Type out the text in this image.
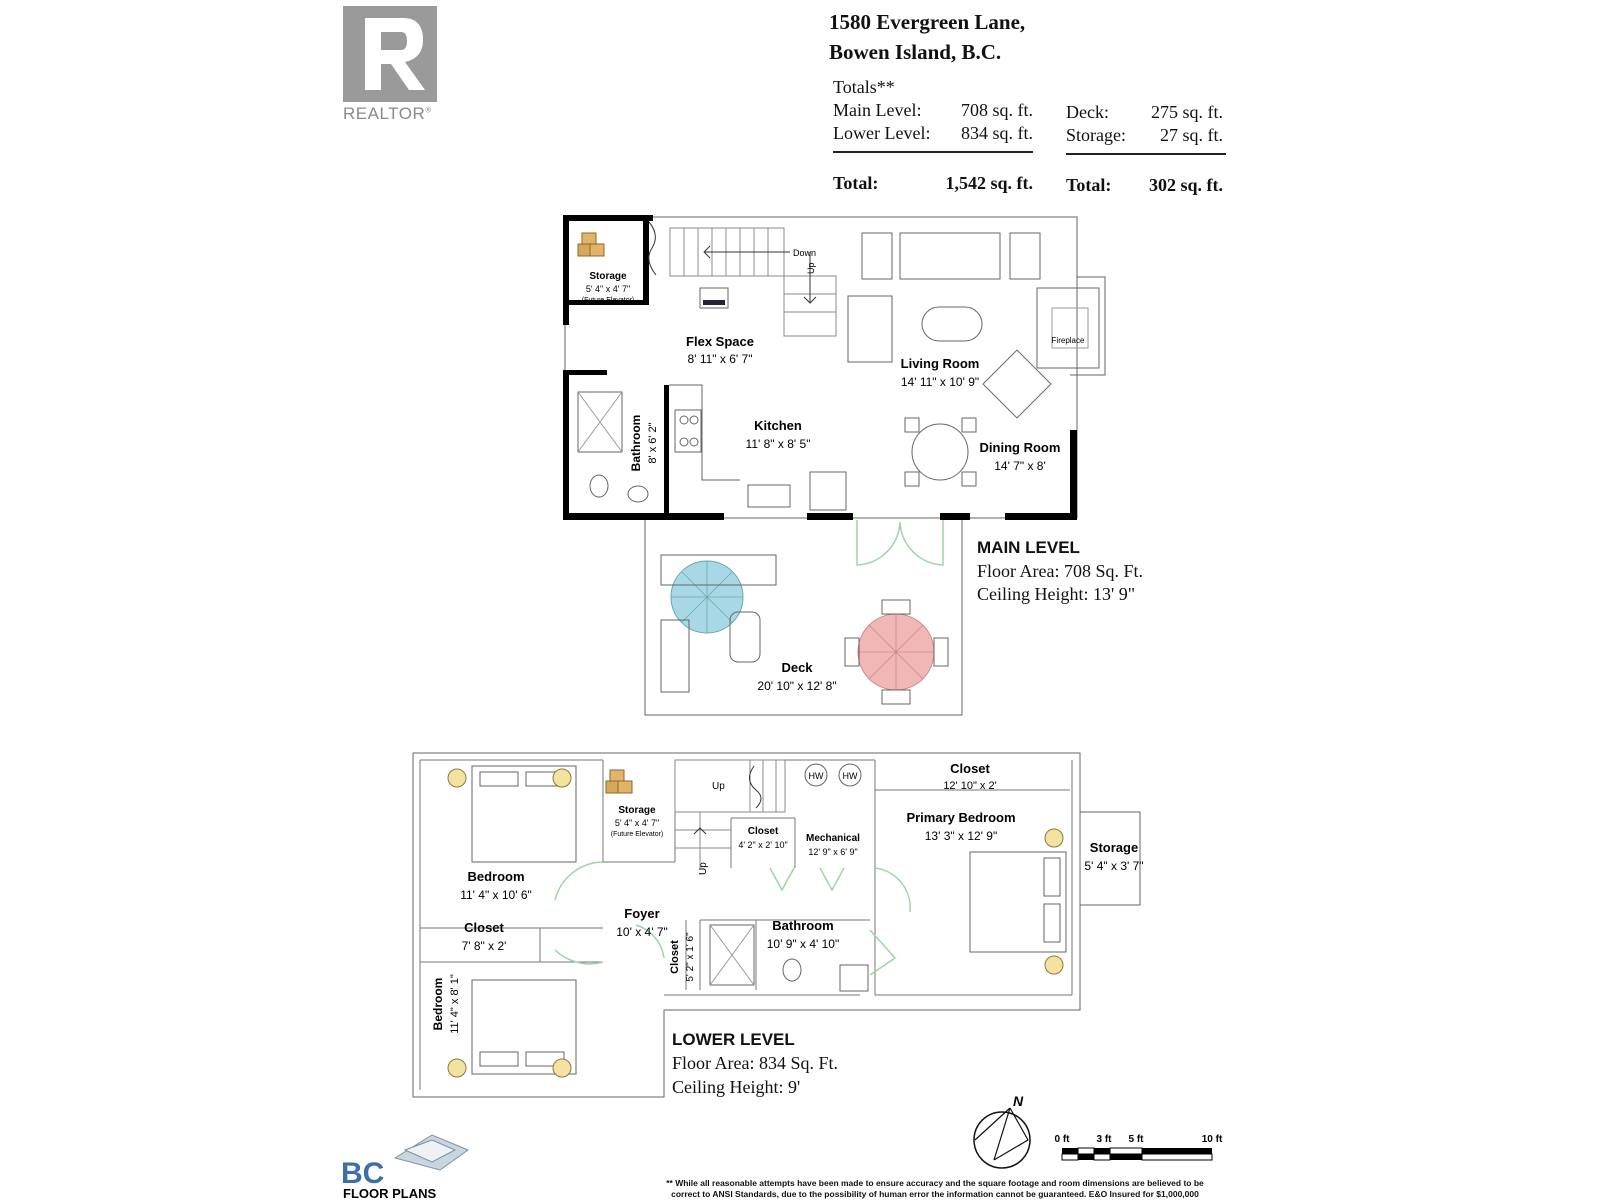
REALTOR®
1580 Evergreen Lane,
Bowen Island, B.C.
Totals**
Main Level:	708 sq. ft.
Lower Level:	834 sq. ft.
Total:	1,542 sq. ft.
Deck:	275 sq. ft.
Storage:	27 sq. ft.
Total:	302 sq. ft.
Storage
5' 4" x 4' 7"
(Future Elevator)
Down
Up
Flex Space
8' 11" x 6' 7"	Living Room
14' 11" x 10' 9"
Fireplace
Kitchen
11' 8" x 8' 5"
Bathroom 8' x 6' 2"	Dining Room
14' 7" x 8'
Deck
20' 10" x 12' 8"
Storage
5' 4" x 4' 7"
(Future Elevator)
Up
Up
HW HW
Closet
4' 2" x 2' 10"
Mechanical
12' 9" x 6' 9"
Closet
12' 10" x 2'
Primary Bedroom
13' 3" x 12' 9"
Storage
5' 4" x 3' 7"
Bedroom
11' 4" x 10' 6"
Closet
7' 8" x 2'
Bedroom 11' 4" x 8' 1"
Foyer
10' x 4' 7"	Bathroom
10' 9" x 4' 10"
Closet 5' 2" x 1' 6"
N
0 ft	3 ft 5 ft	10 ft
BC
FLOOR PLANS
MAIN LEVEL
Floor Area: 708 Sq. Ft.
Ceiling Height: 13' 9"
LOWER LEVEL
Floor Area: 834 Sq. Ft.
Ceiling Height: 9'
** While all reasonable attempts have been made to ensure accuracy and the square footage and room dimensions are believed to be
correct to ANSI Standards, due to the possibility of human error the information cannot be guaranteed. E&O Insured for $1,000,000
